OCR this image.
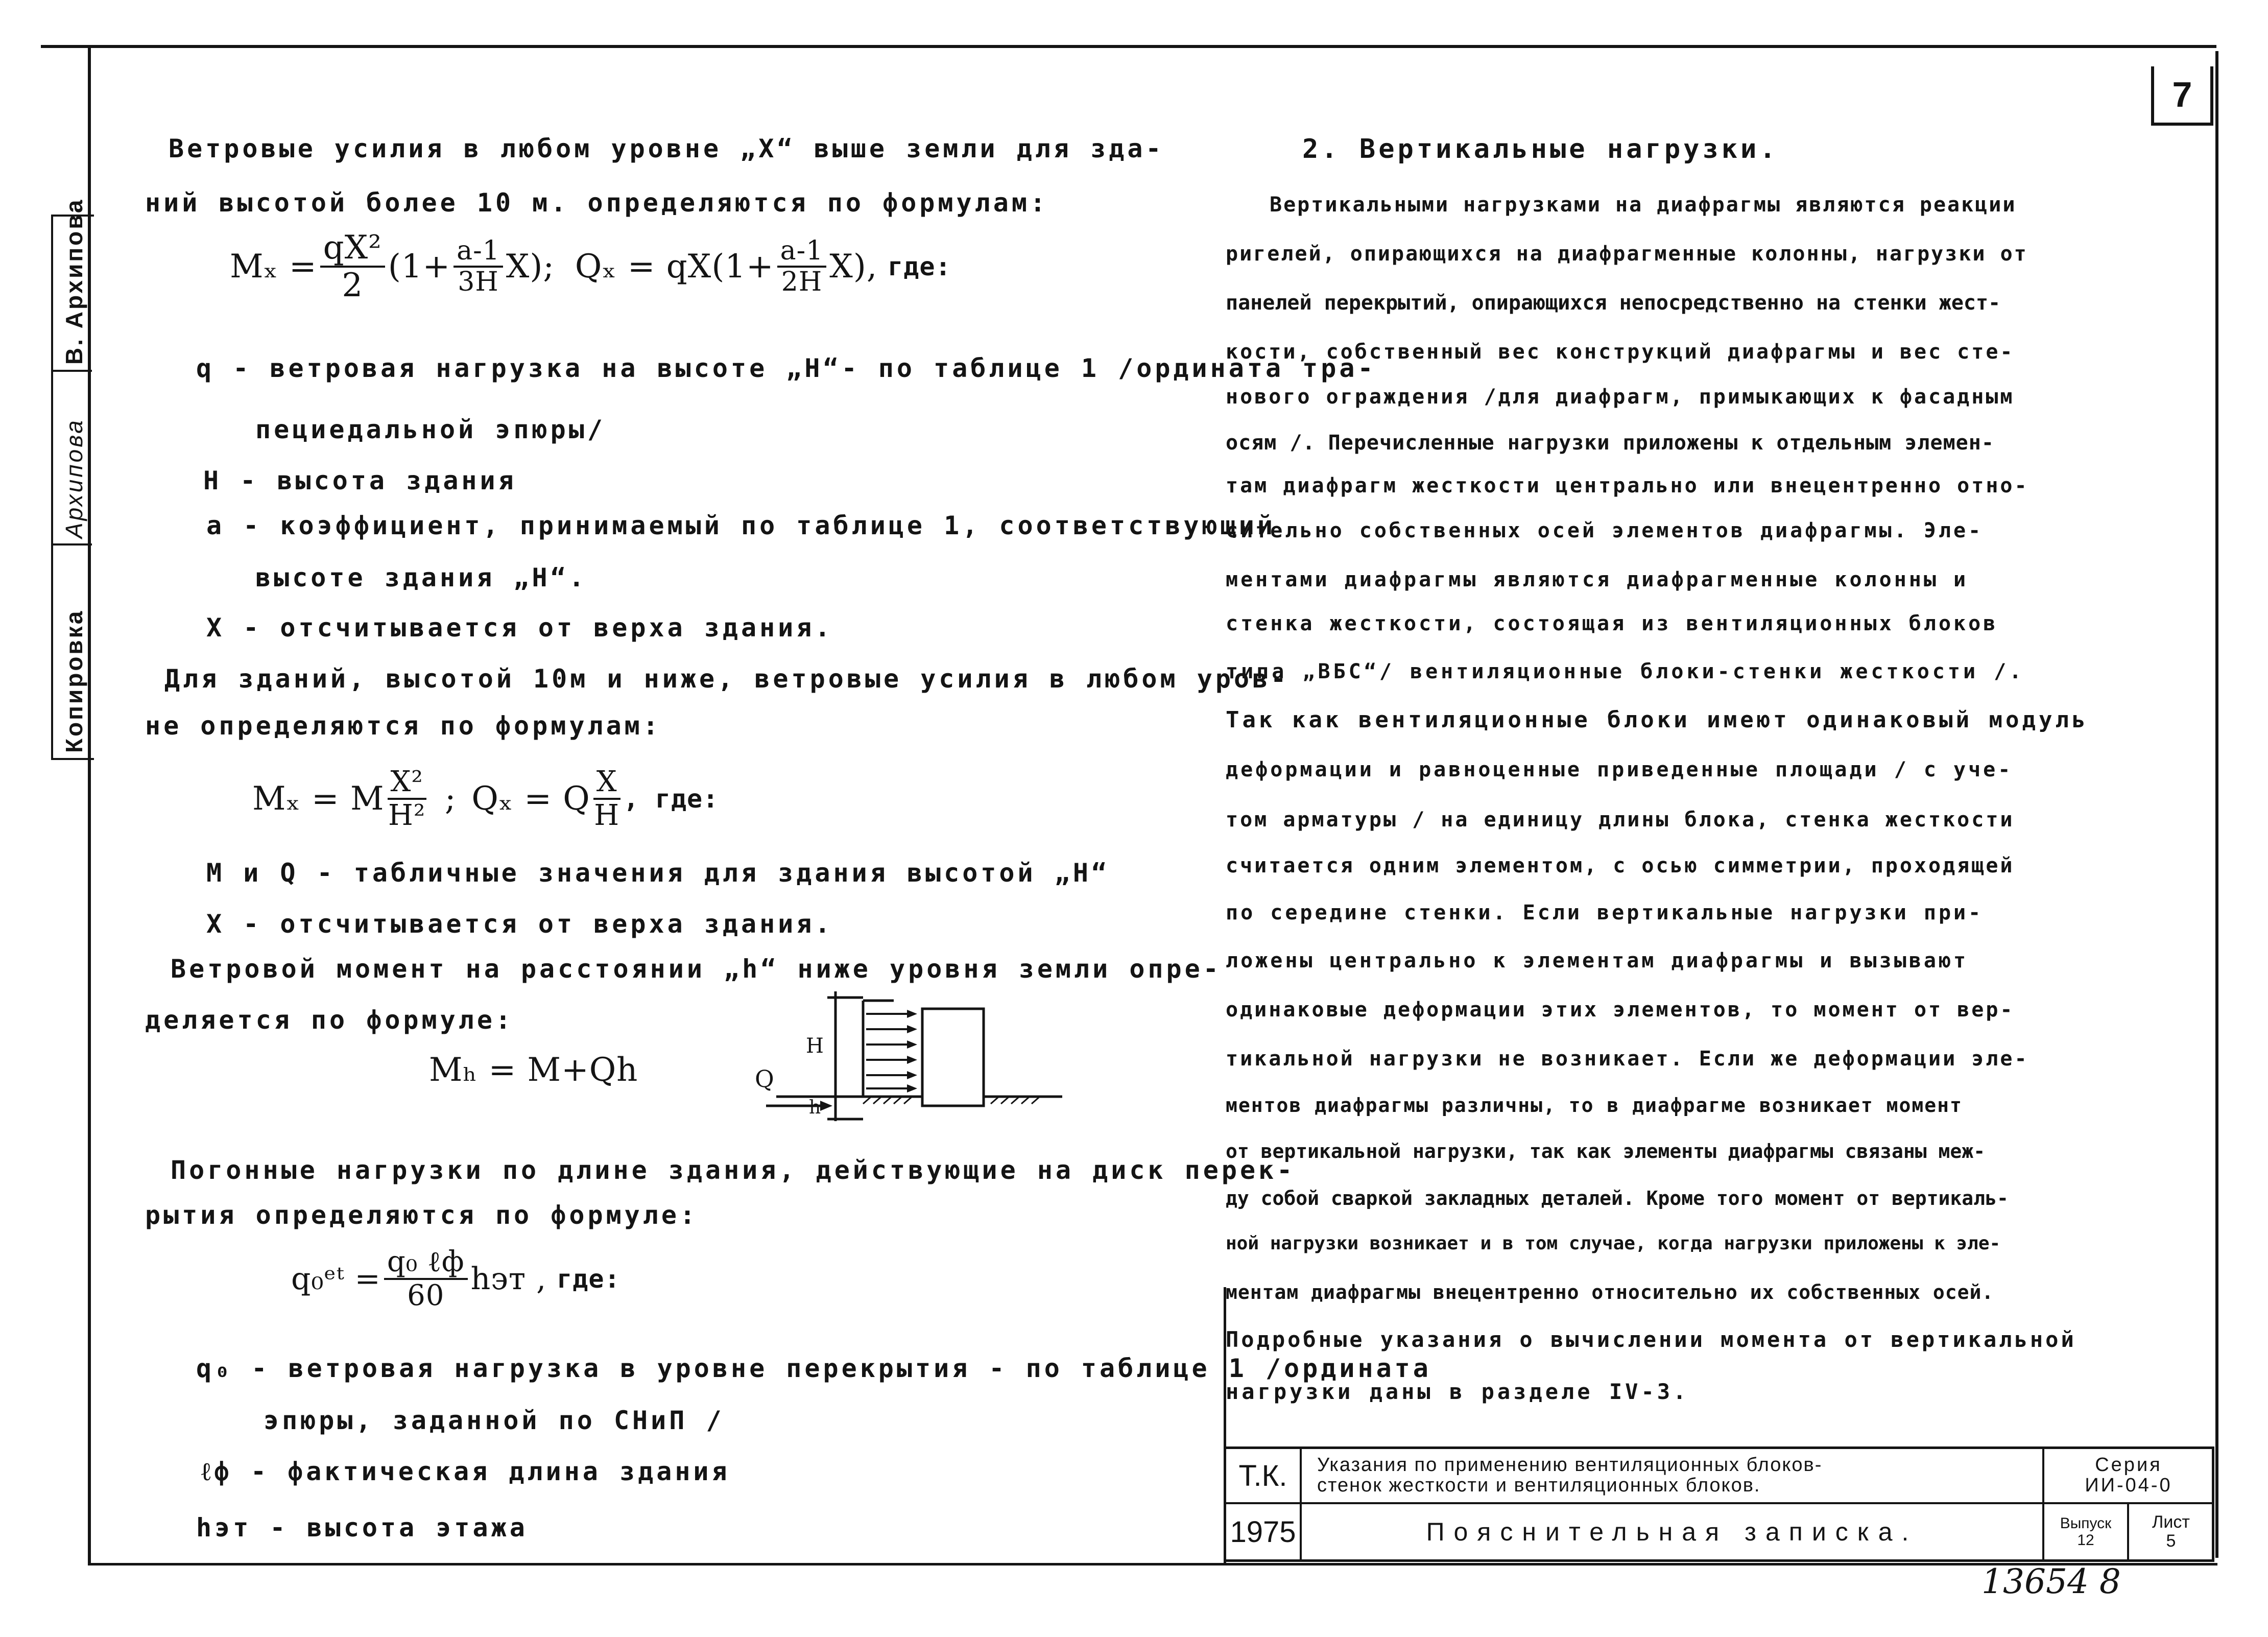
7
В. Архипова
Архипова
Копировка
Ветровые усилия в любом уровне „X“ выше земли для зда-
ний высотой более 10 м. определяются по формулам:
$M_x = \frac{\text{qX²}}{2} (1+ \frac{a-1}{3H} X)$; $Q_x = qX(1+ \frac{a-1}{2H} X)$, где:
q - ветровая нагрузка на высоте „H“- по таблице 1 /ордината тра-
пециедальной эпюры/
H - высота здания
a - коэффициент, принимаемый по таблице 1, соответствующий
высоте здания „H“.
X - отсчитывается от верха здания.
Для зданий, высотой 10м и ниже, ветровые усилия в любом уров-
не определяются по формулам:
Mₓ = M $\frac{\text{X²}}{\text{H²}}$ ; Qₓ = Q $\frac{X}{H}$ , где:
M и Q - табличные значения для здания высотой „H“
X - отсчитывается от верха здания.
Ветровой момент на расстоянии „h“ ниже уровня земли опре-
деляется по формуле:
Mₕ = M+Qh	Q
H
h
Погонные нагрузки по длине здания, действующие на диск перек-
рытия определяются по формуле:
q₀ᵉᵗ = $\frac{\text{q₀ ℓф}}{60}$ hэт , где:
q₀ - ветровая нагрузка в уровне перекрытия - по таблице 1 /ордината
эпюры, заданной по СНиП /
ℓф - фактическая длина здания
hэт - высота этажа
2. Вертикальные нагрузки.
Вертикальными нагрузками на диафрагмы являются реакции
ригелей, опирающихся на диафрагменные колонны, нагрузки от
панелей перекрытий, опирающихся непосредственно на стенки жест-
кости, собственный вес конструкций диафрагмы и вес сте-
нового ограждения /для диафрагм, примыкающих к фасадным
осям /. Перечисленные нагрузки приложены к отдельным элемен-
там диафрагм жесткости центрально или внецентренно отно-
сительно собственных осей элементов диафрагмы. Эле-
ментами диафрагмы являются диафрагменные колонны и
стенка жесткости, состоящая из вентиляционных блоков
типа „ВБС“/ вентиляционные блоки-стенки жесткости /.
Так как вентиляционные блоки имеют одинаковый модуль
деформации и равноценные приведенные площади / с уче-
том арматуры / на единицу длины блока, стенка жесткости
считается одним элементом, с осью симметрии, проходящей
по середине стенки. Если вертикальные нагрузки при-
ложены центрально к элементам диафрагмы и вызывают
одинаковые деформации этих элементов, то момент от вер-
тикальной нагрузки не возникает. Если же деформации эле-
ментов диафрагмы различны, то в диафрагме возникает момент
от вертикальной нагрузки, так как элементы диафрагмы связаны меж-
ду собой сваркой закладных деталей. Кроме того момент от вертикаль-
ной нагрузки возникает и в том случае, когда нагрузки приложены к эле-
ментам диафрагмы внецентренно относительно их собственных осей.
Подробные указания о вычислении момента от вертикальной
нагрузки даны в разделе IV-3.
Т.К.
1975
Указания по применению вентиляционных блоков-
стенок жесткости и вентиляционных блоков.
Пояснительная записка.
Серия
ИИ-04-0
Выпуск
12
Лист
5
13654 8
